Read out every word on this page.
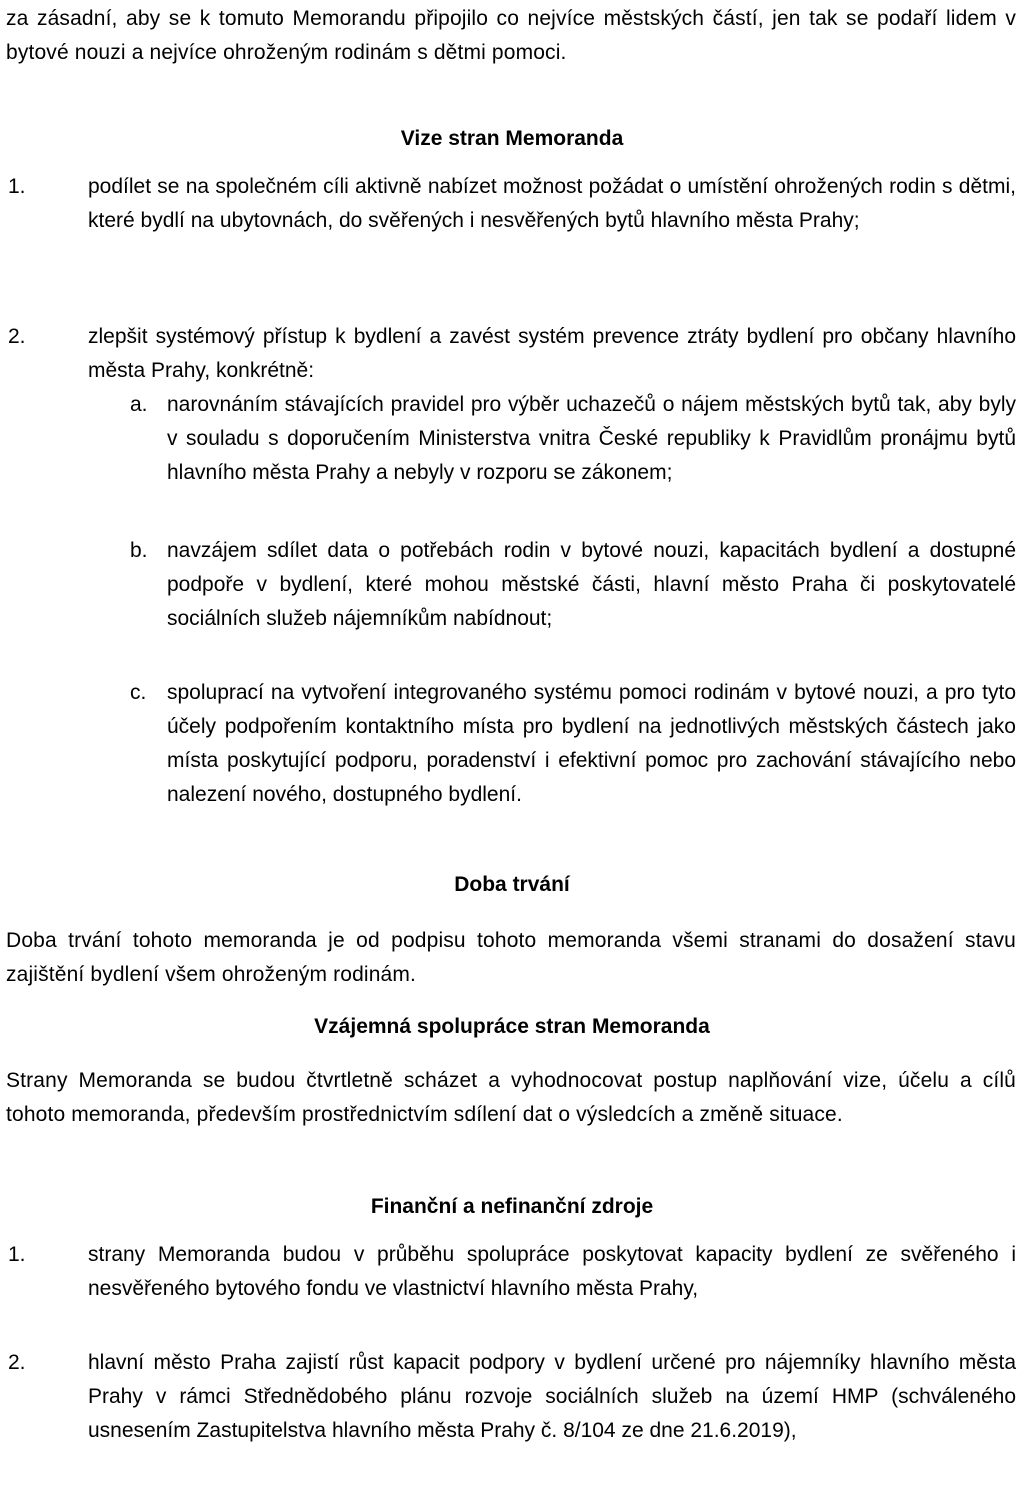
za zásadní, aby se k tomuto Memorandu připojilo co nejvíce městských částí, jen tak se podaří lidem v bytové nouzi a nejvíce ohroženým rodinám s dětmi pomoci.
Vize stran Memoranda
1.	podílet se na společném cíli aktivně nabízet možnost požádat o umístění ohrožených rodin s dětmi, které bydlí na ubytovnách, do svěřených i nesvěřených bytů hlavního města Prahy;
2.	zlepšit systémový přístup k bydlení a zavést systém prevence ztráty bydlení pro občany hlavního města Prahy, konkrétně:
a. narovnáním stávajících pravidel pro výběr uchazečů o nájem městských bytů tak, aby byly v souladu s doporučením Ministerstva vnitra České republiky k Pravidlům pronájmu bytů hlavního města Prahy a nebyly v rozporu se zákonem;
b. navzájem sdílet data o potřebách rodin v bytové nouzi, kapacitách bydlení a dostupné podpoře v bydlení, které mohou městské části, hlavní město Praha či poskytovatelé sociálních služeb nájemníkům nabídnout;
c. spoluprací na vytvoření integrovaného systému pomoci rodinám v bytové nouzi, a pro tyto účely podpořením kontaktního místa pro bydlení na jednotlivých městských částech jako místa poskytující podporu, poradenství i efektivní pomoc pro zachování stávajícího nebo nalezení nového, dostupného bydlení.
Doba trvání
Doba trvání tohoto memoranda je od podpisu tohoto memoranda všemi stranami do dosažení stavu zajištění bydlení všem ohroženým rodinám.
Vzájemná spolupráce stran Memoranda
Strany Memoranda se budou čtvrtletně scházet a vyhodnocovat postup naplňování vize, účelu a cílů tohoto memoranda, především prostřednictvím sdílení dat o výsledcích a změně situace.
Finanční a nefinanční zdroje
1.	strany Memoranda budou v průběhu spolupráce poskytovat kapacity bydlení ze svěřeného i nesvěřeného bytového fondu ve vlastnictví hlavního města Prahy,
2.	hlavní město Praha zajistí růst kapacit podpory v bydlení určené pro nájemníky hlavního města Prahy v rámci Střednědobého plánu rozvoje sociálních služeb na území HMP (schváleného usnesením Zastupitelstva hlavního města Prahy č. 8/104 ze dne 21.6.2019),
